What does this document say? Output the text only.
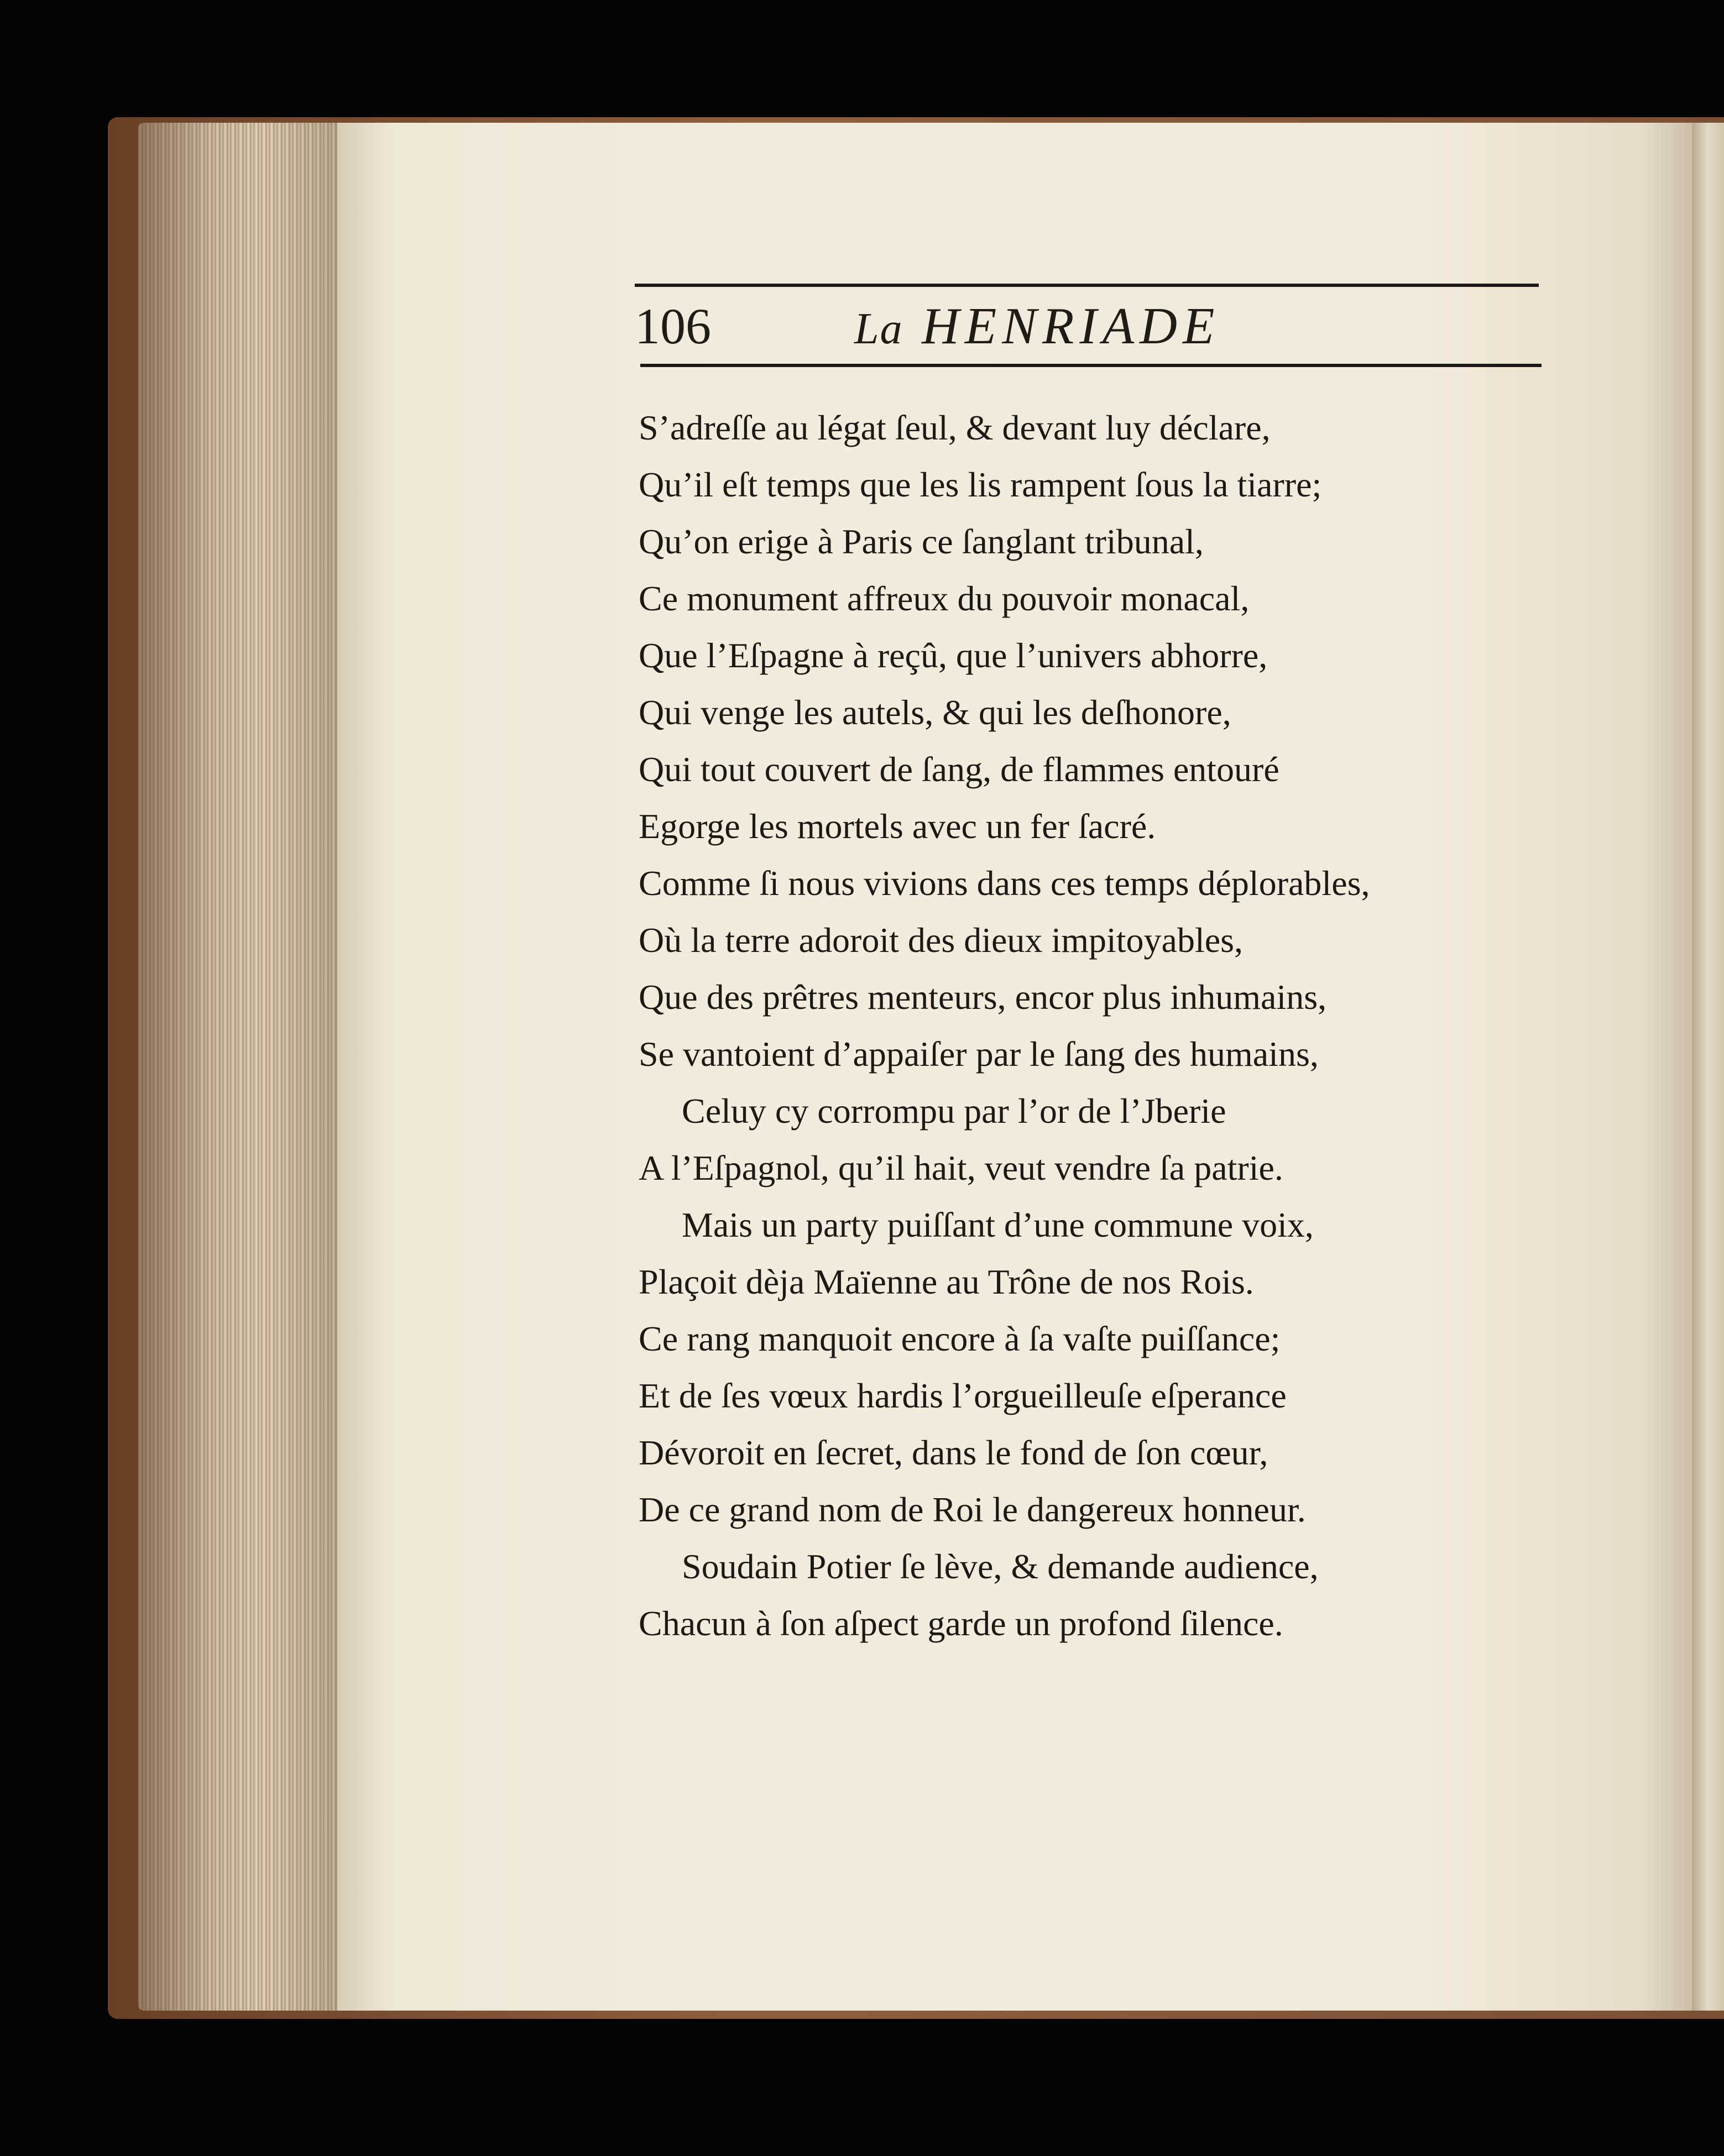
106	La HENRIADE
S’adreſſe au légat ſeul, & devant luy déclare,
Qu’il eſt temps que les lis rampent ſous la tiarre;
Qu’on erige à Paris ce ſanglant tribunal,
Ce monument affreux du pouvoir monacal,
Que l’Eſpagne à reçû, que l’univers abhorre,
Qui venge les autels, & qui les deſhonore,
Qui tout couvert de ſang, de flammes entouré
Egorge les mortels avec un fer ſacré.
Comme ſi nous vivions dans ces temps déplorables,
Où la terre adoroit des dieux impitoyables,
Que des prêtres menteurs, encor plus inhumains,
Se vantoient d’appaiſer par le ſang des humains,
Celuy cy corrompu par l’or de l’Jberie
A l’Eſpagnol, qu’il hait, veut vendre ſa patrie.
Mais un party puiſſant d’une commune voix,
Plaçoit dèja Maïenne au Trône de nos Rois.
Ce rang manquoit encore à ſa vaſte puiſſance;
Et de ſes vœux hardis l’orgueilleuſe eſperance
Dévoroit en ſecret, dans le fond de ſon cœur,
De ce grand nom de Roi le dangereux honneur.
Soudain Potier ſe lève, & demande audience,
Chacun à ſon aſpect garde un profond ſilence.
